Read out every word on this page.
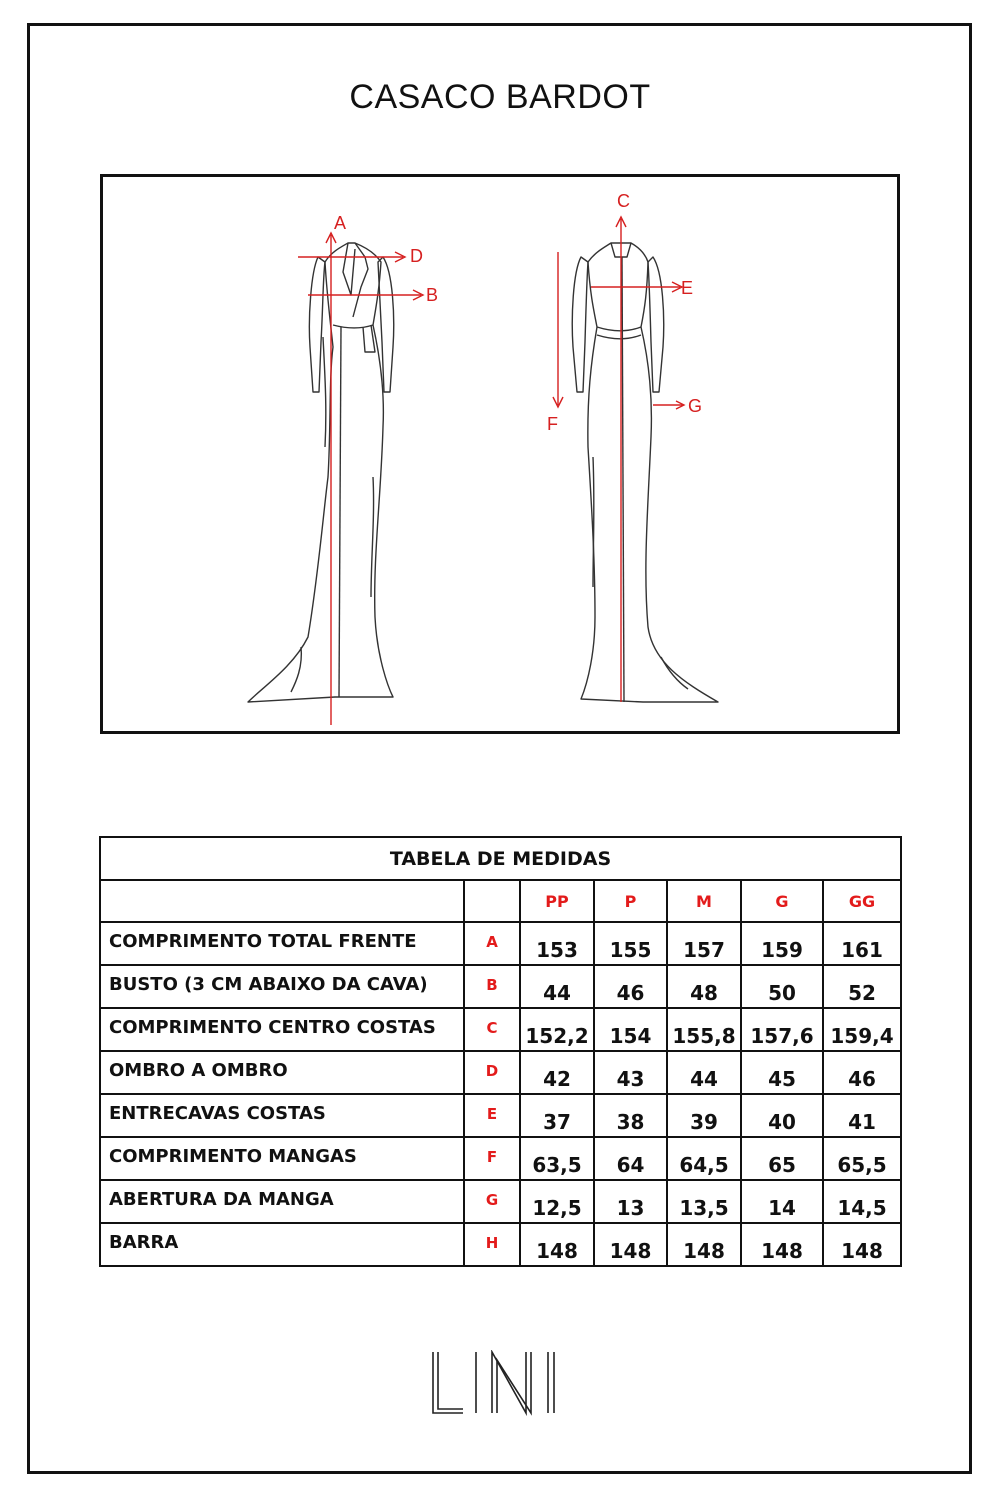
CASACO BARDOT
A
B
C
D
E
F
G
TABELA DE MEDIDAS						
		PP	P	M	G	GG
COMPRIMENTO TOTAL FRENTE	A	153	155	157	159	161
BUSTO (3 CM ABAIXO DA CAVA)	B	44	46	48	50	52
COMPRIMENTO CENTRO COSTAS	C	152,2	154	155,8	157,6	159,4
OMBRO A OMBRO	D	42	43	44	45	46
ENTRECAVAS COSTAS	E	37	38	39	40	41
COMPRIMENTO MANGAS	F	63,5	64	64,5	65	65,5
ABERTURA DA MANGA	G	12,5	13	13,5	14	14,5
BARRA	H	148	148	148	148	148
